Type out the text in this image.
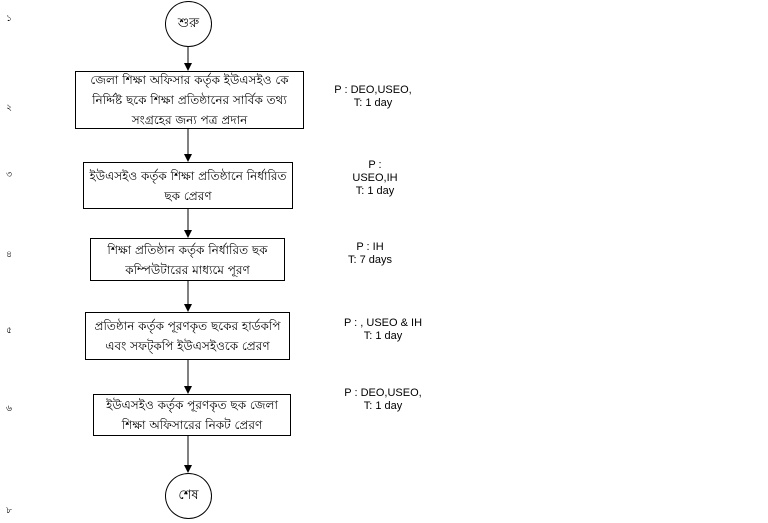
১
২
৩
৪
৫
৬
৮
শুরু
জেলা শিক্ষা অফিসার কর্তৃক ইউএসইও কে
নির্দ্দিষ্ট ছকে শিক্ষা প্রতিষ্ঠানের সার্বিক তথ্য
সংগ্রহের জন্য পত্র প্রদান
P : DEO,USEO,
T: 1 day
ইউএসইও কর্তৃক শিক্ষা প্রতিষ্ঠানে নির্ধারিত
ছক প্রেরণ
P :
USEO,IH
T: 1 day
শিক্ষা প্রতিষ্ঠান কর্তৃক নির্ধারিত ছক
কম্পিউটারের মাধ্যমে পূরণ
P : IH
T: 7 days
প্রতিষ্ঠান কর্তৃক পূরণকৃত ছকের হার্ডকপি
এবং সফট্‌কপি ইউএসইওকে প্রেরণ
P : , USEO & IH
T: 1 day
ইউএসইও কর্তৃক পূরণকৃত ছক জেলা
শিক্ষা অফিসারের নিকট প্রেরণ
P : DEO,USEO,
T: 1 day
শেষ
